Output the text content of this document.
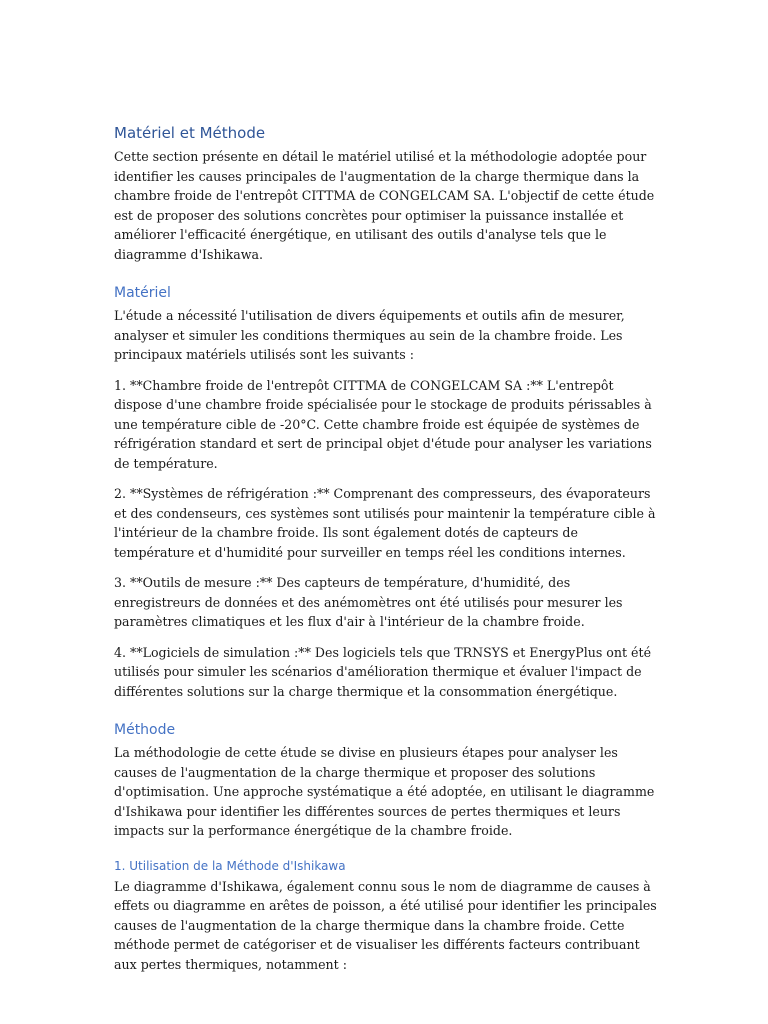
Matériel et Méthode

Cette section présente en détail le matériel utilisé et la méthodologie adoptée pour identifier les causes principales de l'augmentation de la charge thermique dans la chambre froide de l'entrepôt CITTMA de CONGELCAM SA. L'objectif de cette étude est de proposer des solutions concrètes pour optimiser la puissance installée et améliorer l'efficacité énergétique, en utilisant des outils d'analyse tels que le diagramme d'Ishikawa.

Matériel

L'étude a nécessité l'utilisation de divers équipements et outils afin de mesurer, analyser et simuler les conditions thermiques au sein de la chambre froide. Les principaux matériels utilisés sont les suivants :

1. **Chambre froide de l'entrepôt CITTMA de CONGELCAM SA :** L'entrepôt dispose d'une chambre froide spécialisée pour le stockage de produits périssables à une température cible de -20°C. Cette chambre froide est équipée de systèmes de réfrigération standard et sert de principal objet d'étude pour analyser les variations de température.

2. **Systèmes de réfrigération :** Comprenant des compresseurs, des évaporateurs et des condenseurs, ces systèmes sont utilisés pour maintenir la température cible à l'intérieur de la chambre froide. Ils sont également dotés de capteurs de température et d'humidité pour surveiller en temps réel les conditions internes.

3. **Outils de mesure :** Des capteurs de température, d'humidité, des enregistreurs de données et des anémomètres ont été utilisés pour mesurer les paramètres climatiques et les flux d'air à l'intérieur de la chambre froide.

4. **Logiciels de simulation :** Des logiciels tels que TRNSYS et EnergyPlus ont été utilisés pour simuler les scénarios d'amélioration thermique et évaluer l'impact de différentes solutions sur la charge thermique et la consommation énergétique.

Méthode

La méthodologie de cette étude se divise en plusieurs étapes pour analyser les causes de l'augmentation de la charge thermique et proposer des solutions d'optimisation. Une approche systématique a été adoptée, en utilisant le diagramme d'Ishikawa pour identifier les différentes sources de pertes thermiques et leurs impacts sur la performance énergétique de la chambre froide.

1. Utilisation de la Méthode d'Ishikawa

Le diagramme d'Ishikawa, également connu sous le nom de diagramme de causes à effets ou diagramme en arêtes de poisson, a été utilisé pour identifier les principales causes de l'augmentation de la charge thermique dans la chambre froide. Cette méthode permet de catégoriser et de visualiser les différents facteurs contribuant aux pertes thermiques, notamment :
